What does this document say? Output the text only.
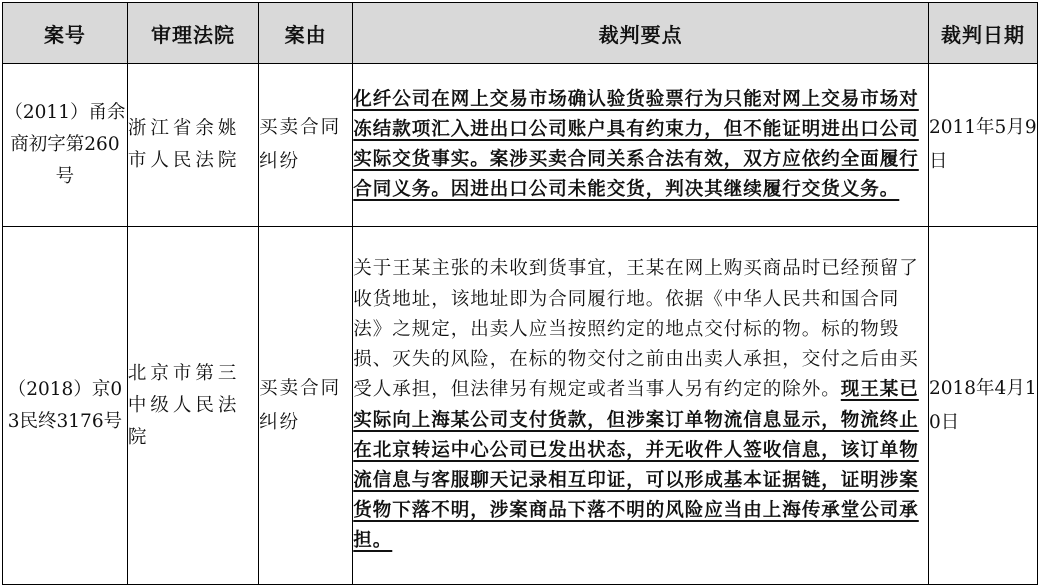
案号	审理法院	案由	裁判要点	裁判日期
（2011）甬余商初字第260号	浙江省余姚市人民法院	买卖合同纠纷	化纤公司在网上交易市场确认验货验票行为只能对网上交易市场对冻结款项汇入进出口公司账户具有约束力，但不能证明进出口公司实际交货事实。案涉买卖合同关系合法有效，双方应依约全面履行合同义务。因进出口公司未能交货，判决其继续履行交货义务。	2011年5月9日
（2018）京03民终3176号	北京市第三中级人民法院	买卖合同纠纷	关于王某主张的未收到货事宜，王某在网上购买商品时已经预留了收货地址，该地址即为合同履行地。依据《中华人民共和国合同法》之规定，出卖人应当按照约定的地点交付标的物。标的物毁损、灭失的风险，在标的物交付之前由出卖人承担，交付之后由买受人承担，但法律另有规定或者当事人另有约定的除外。现王某已实际向上海某公司支付货款，但涉案订单物流信息显示，物流终止在北京转运中心公司已发出状态，并无收件人签收信息，该订单物流信息与客服聊天记录相互印证，可以形成基本证据链，证明涉案货物下落不明，涉案商品下落不明的风险应当由上海传承堂公司承担。	2018年4月10日
